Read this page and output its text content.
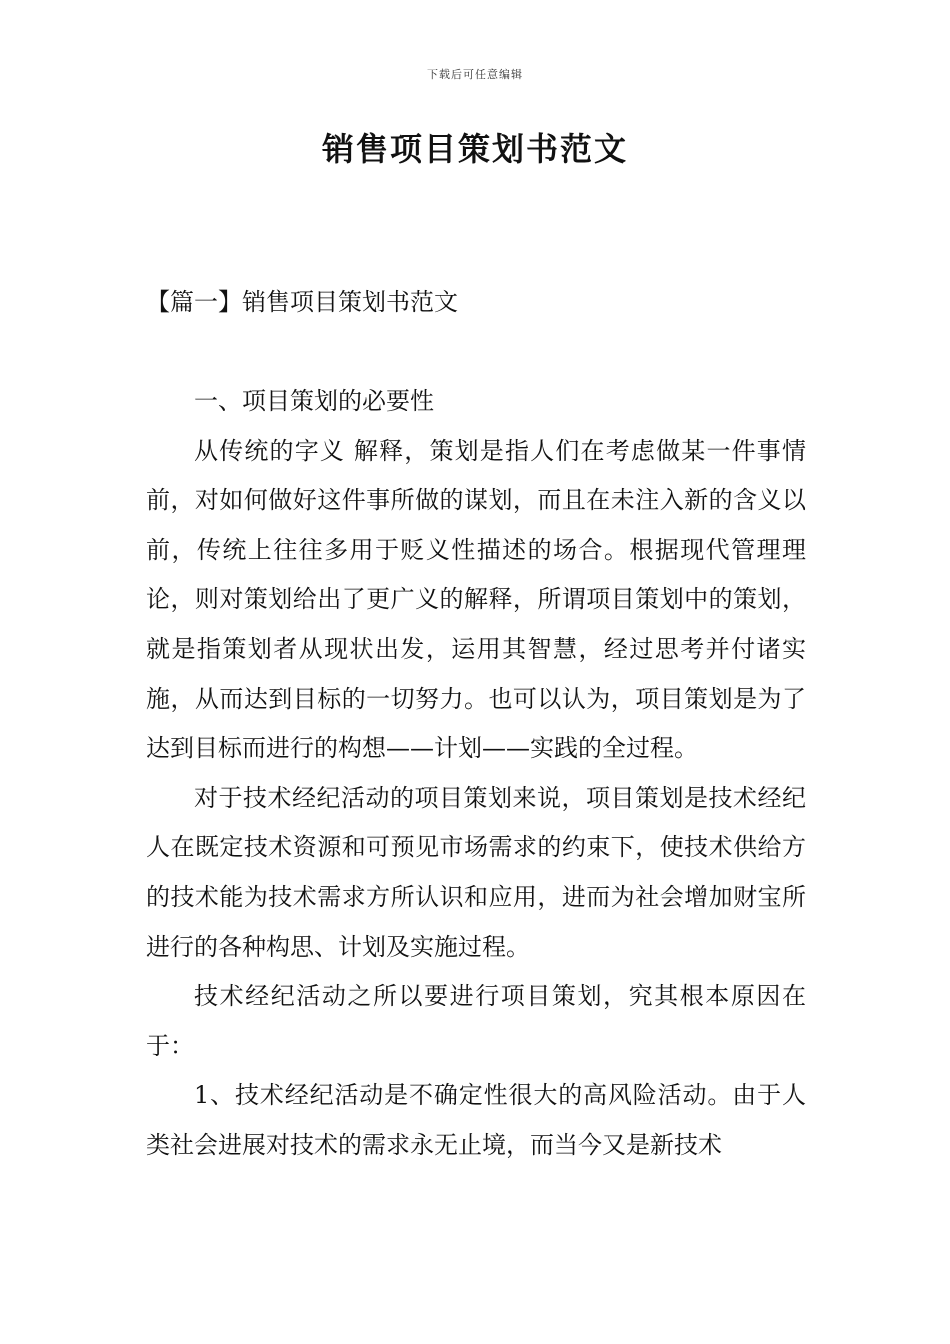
下载后可任意编辑
销售项目策划书范文
【篇一】销售项目策划书范文

一、项目策划的必要性

从传统的字义 解释，策划是指人们在考虑做某一件事情前，对如何做好这件事所做的谋划，而且在未注入新的含义以前，传统上往往多用于贬义性描述的场合。根据现代管理理论，则对策划给出了更广义的解释，所谓项目策划中的策划，就是指策划者从现状出发，运用其智慧，经过思考并付诸实施，从而达到目标的一切努力。也可以认为，项目策划是为了达到目标而进行的构想——计划——实践的全过程。

对于技术经纪活动的项目策划来说，项目策划是技术经纪人在既定技术资源和可预见市场需求的约束下，使技术供给方的技术能为技术需求方所认识和应用，进而为社会增加财宝所进行的各种构思、计划及实施过程。

技术经纪活动之所以要进行项目策划，究其根本原因在于：

1、技术经纪活动是不确定性很大的高风险活动。由于人类社会进展对技术的需求永无止境，而当今又是新技术
